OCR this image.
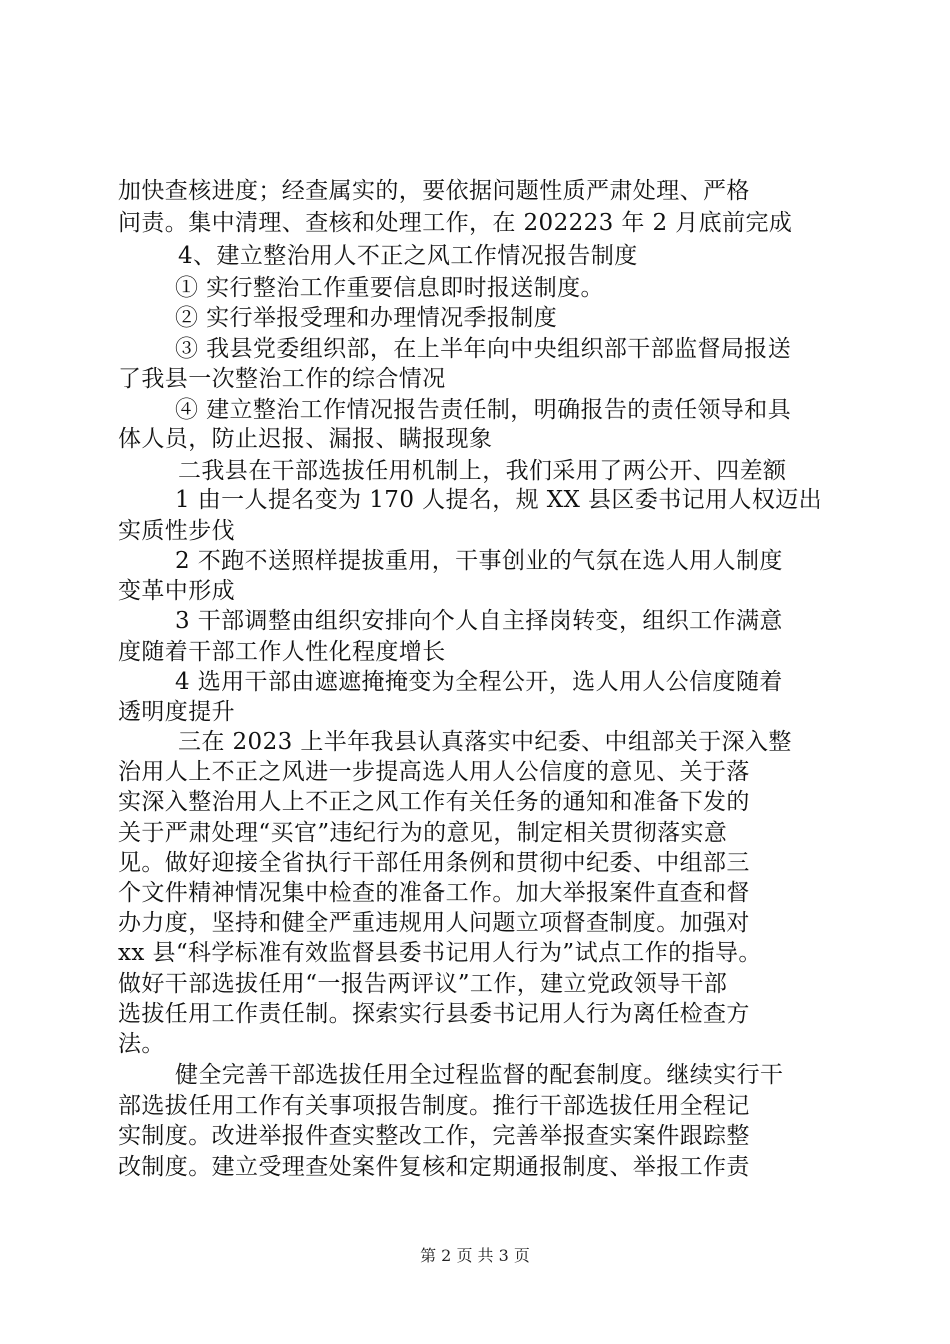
加快查核进度；经查属实的，要依据问题性质严肃处理、严格
问责。集中清理、查核和处理工作，在 202223 年 2 月底前完成
4、建立整治用人不正之风工作情况报告制度
① 实行整治工作重要信息即时报送制度。
② 实行举报受理和办理情况季报制度
③ 我县党委组织部，在上半年向中央组织部干部监督局报送
了我县一次整治工作的综合情况
④ 建立整治工作情况报告责任制，明确报告的责任领导和具
体人员，防止迟报、漏报、瞒报现象
二我县在干部选拔任用机制上，我们采用了两公开、四差额
1 由一人提名变为 170 人提名，规 XX 县区委书记用人权迈出
实质性步伐
2 不跑不送照样提拔重用，干事创业的气氛在选人用人制度
变革中形成
3 干部调整由组织安排向个人自主择岗转变，组织工作满意
度随着干部工作人性化程度增长
4 选用干部由遮遮掩掩变为全程公开，选人用人公信度随着
透明度提升
三在 2023 上半年我县认真落实中纪委、中组部关于深入整
治用人上不正之风进一步提高选人用人公信度的意见、关于落
实深入整治用人上不正之风工作有关任务的通知和准备下发的
关于严肃处理“买官”违纪行为的意见，制定相关贯彻落实意
见。做好迎接全省执行干部任用条例和贯彻中纪委、中组部三
个文件精神情况集中检查的准备工作。加大举报案件直查和督
办力度，坚持和健全严重违规用人问题立项督查制度。加强对
xx 县“科学标准有效监督县委书记用人行为”试点工作的指导。
做好干部选拔任用“一报告两评议”工作，建立党政领导干部
选拔任用工作责任制。探索实行县委书记用人行为离任检查方
法。
健全完善干部选拔任用全过程监督的配套制度。继续实行干
部选拔任用工作有关事项报告制度。推行干部选拔任用全程记
实制度。改进举报件查实整改工作，完善举报查实案件跟踪整
改制度。建立受理查处案件复核和定期通报制度、举报工作责
第 2 页 共 3 页
